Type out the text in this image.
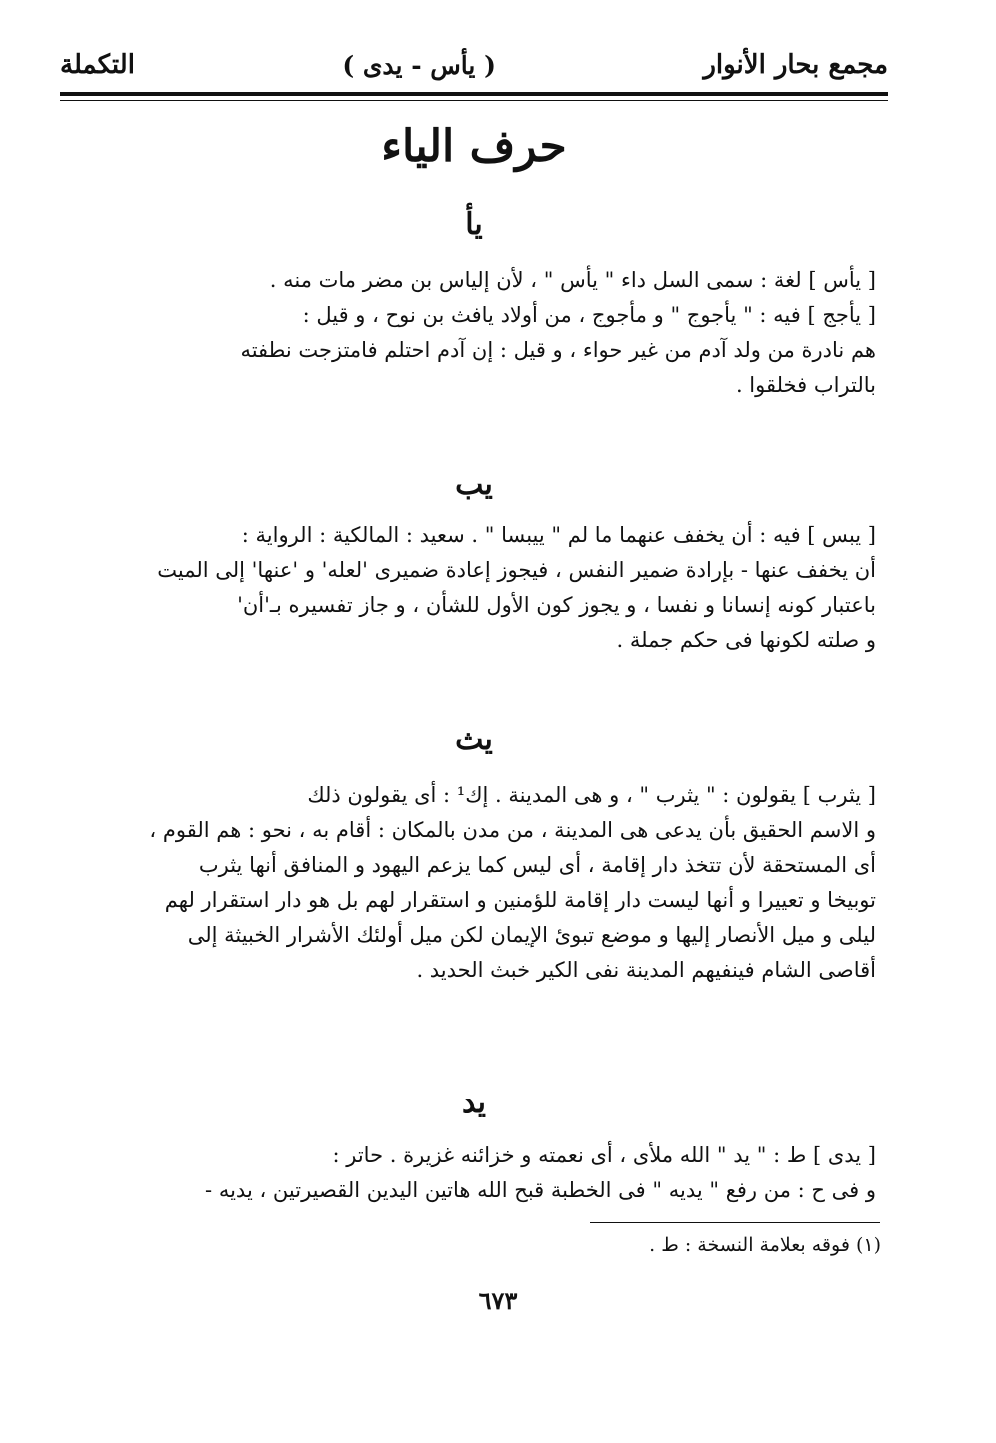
مجمع بحار الأنوار
( يأس - يدى )
التكملة
حرف الياء
يأ
[ يأس ] لغة : سمى السل داء " يأس " ، لأن إلياس بن مضر مات منه .
[ يأجج ] فيه : " يأجوج " و مأجوج ، من أولاد يافث بن نوح ، و قيل :
هم نادرة من ولد آدم من غير حواء ، و قيل : إن آدم احتلم فامتزجت نطفته
بالتراب فخلقوا .
يب
[ يبس ] فيه : أن يخفف عنهما ما لم " ييبسا " . سعيد : المالكية : الرواية :
أن يخفف عنها - بإرادة ضمير النفس ، فيجوز إعادة ضميرى 'لعله' و 'عنها' إلى الميت
باعتبار كونه إنسانا و نفسا ، و يجوز كون الأول للشأن ، و جاز تفسيره بـ'أن'
و صلته لكونها فى حكم جملة .
يث
[ يثرب ] يقولون : " يثرب " ، و هى المدينة . إك¹ : أى يقولون ذلك
و الاسم الحقيق بأن يدعى هى المدينة ، من مدن بالمكان : أقام به ، نحو : هم القوم ،
أى المستحقة لأن تتخذ دار إقامة ، أى ليس كما يزعم اليهود و المنافق أنها يثرب
توبيخا و تعييرا و أنها ليست دار إقامة للؤمنين و استقرار لهم بل هو دار استقرار لهم
ليلى و ميل الأنصار إليها و موضع تبوئ الإيمان لكن ميل أولئك الأشرار الخبيثة إلى
أقاصى الشام فينفيهم المدينة نفى الكير خبث الحديد .
يد
[ يدى ] ط : " يد " الله ملأى ، أى نعمته و خزائنه غزيرة . حاتر :
و فى ح : من رفع " يديه " فى الخطبة قبح الله هاتين اليدين القصيرتين ، يديه -
(١) فوقه بعلامة النسخة : ط .
٦٧٣
